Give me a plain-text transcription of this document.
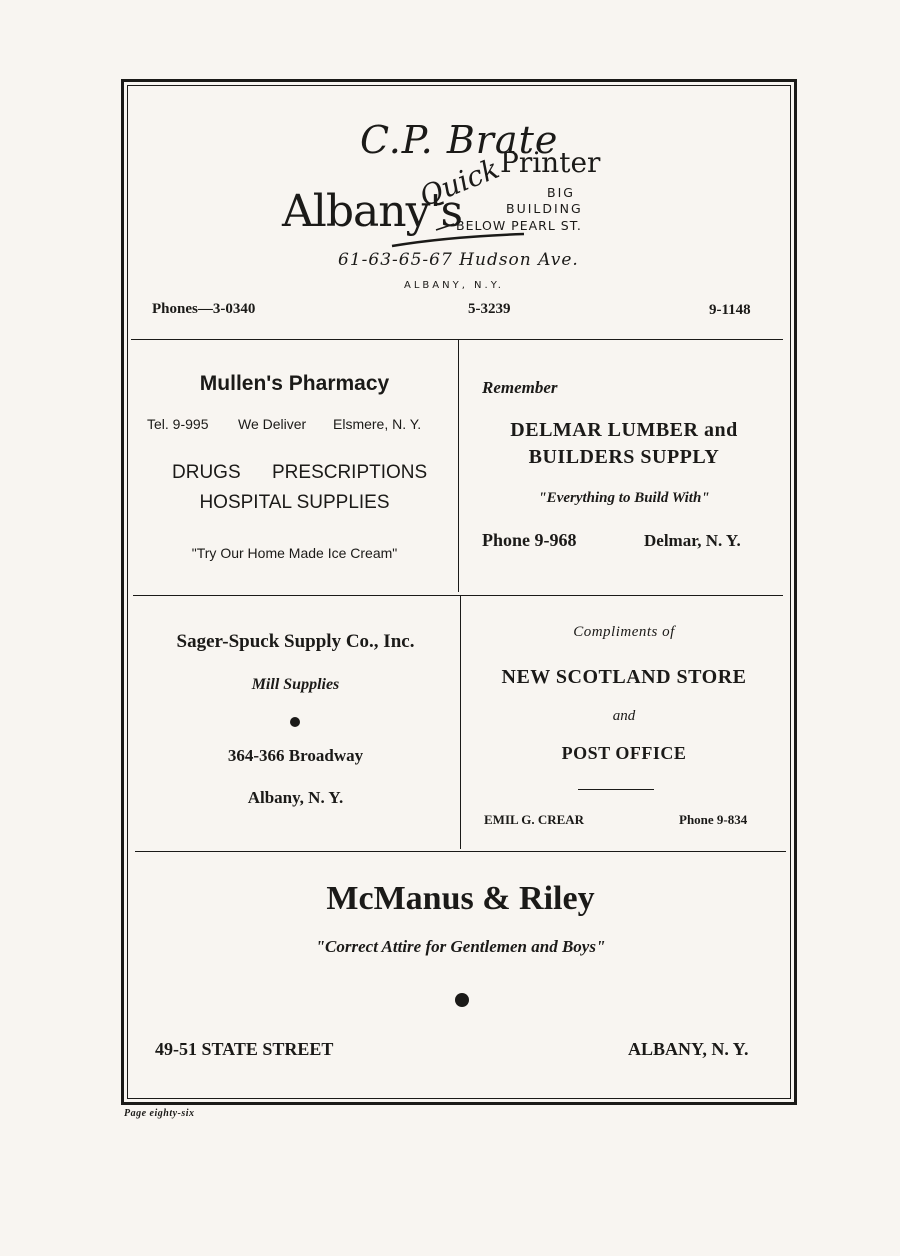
C.P. Brate
Albany's
Quick
Printer
BIG
BUILDING
BELOW PEARL ST.
61-63-65-67 Hudson Ave.
ALBANY, N.Y.
Phones—3-0340	5-3239	9-1148
Mullen's Pharmacy
Tel. 9-995 We Deliver Elsmere, N. Y.
DRUGS PRESCRIPTIONS
HOSPITAL SUPPLIES
"Try Our Home Made Ice Cream"
Remember
DELMAR LUMBER and
BUILDERS SUPPLY
"Everything to Build With"
Phone 9-968	Delmar, N. Y.
Sager-Spuck Supply Co., Inc.
Mill Supplies
364-366 Broadway
Albany, N. Y.
Compliments of
NEW SCOTLAND STORE
and
POST OFFICE
EMIL G. CREAR	Phone 9-834
McManus & Riley
"Correct Attire for Gentlemen and Boys"
49-51 STATE STREET	ALBANY, N. Y.
Page eighty-six
